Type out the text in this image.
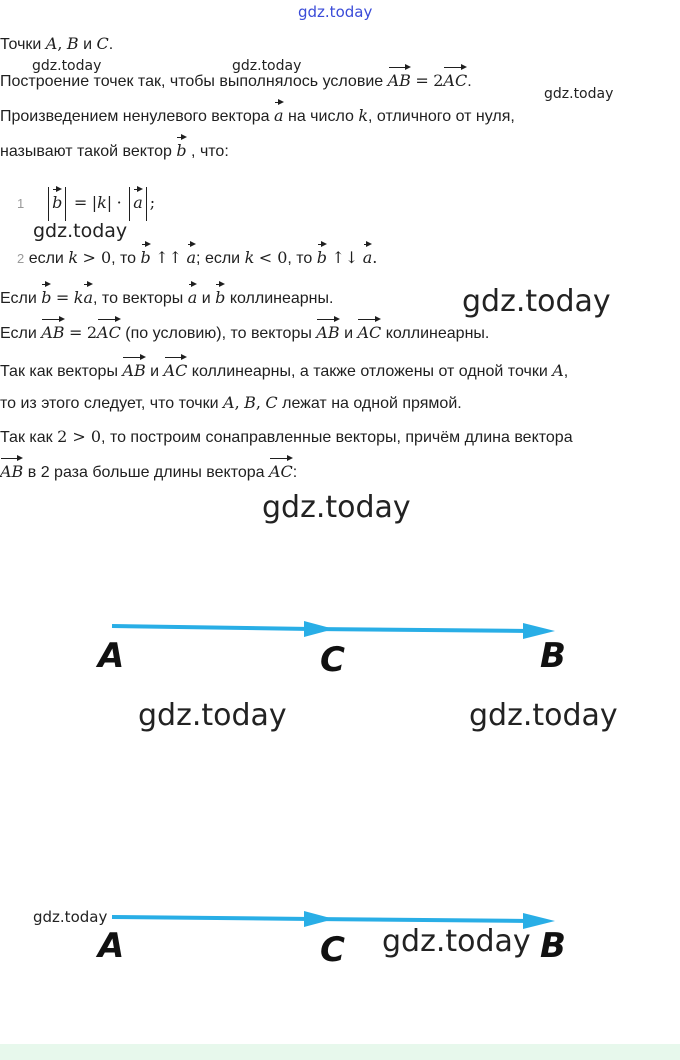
gdz.today
Точки A, B и C.
gdz.today	gdz.today
Построение точек так, чтобы выполнялось условие AB = 2AC.
gdz.today
Произведением ненулевого вектора a на число k, отличного от нуля,
называют такой вектор b , что:
1 b = |k| · a ;
gdz.today
2 если k > 0, то b ↑↑ a; если k < 0, то b ↑↓ a.
Если b = ka, то векторы a и b коллинеарны.	gdz.today
Если AB = 2AC (по условию), то векторы AB и AC коллинеарны.
Так как векторы AB и AC коллинеарны, а также отложены от одной точки A,
то из этого следует, что точки A, B, C лежат на одной прямой.
Так как 2 > 0, то построим сонаправленные векторы, причём длина вектора
AB в 2 раза больше длины вектора AC:
gdz.today
A	C	B
gdz.today	gdz.today
gdz.today
A	C	B
gdz.today
